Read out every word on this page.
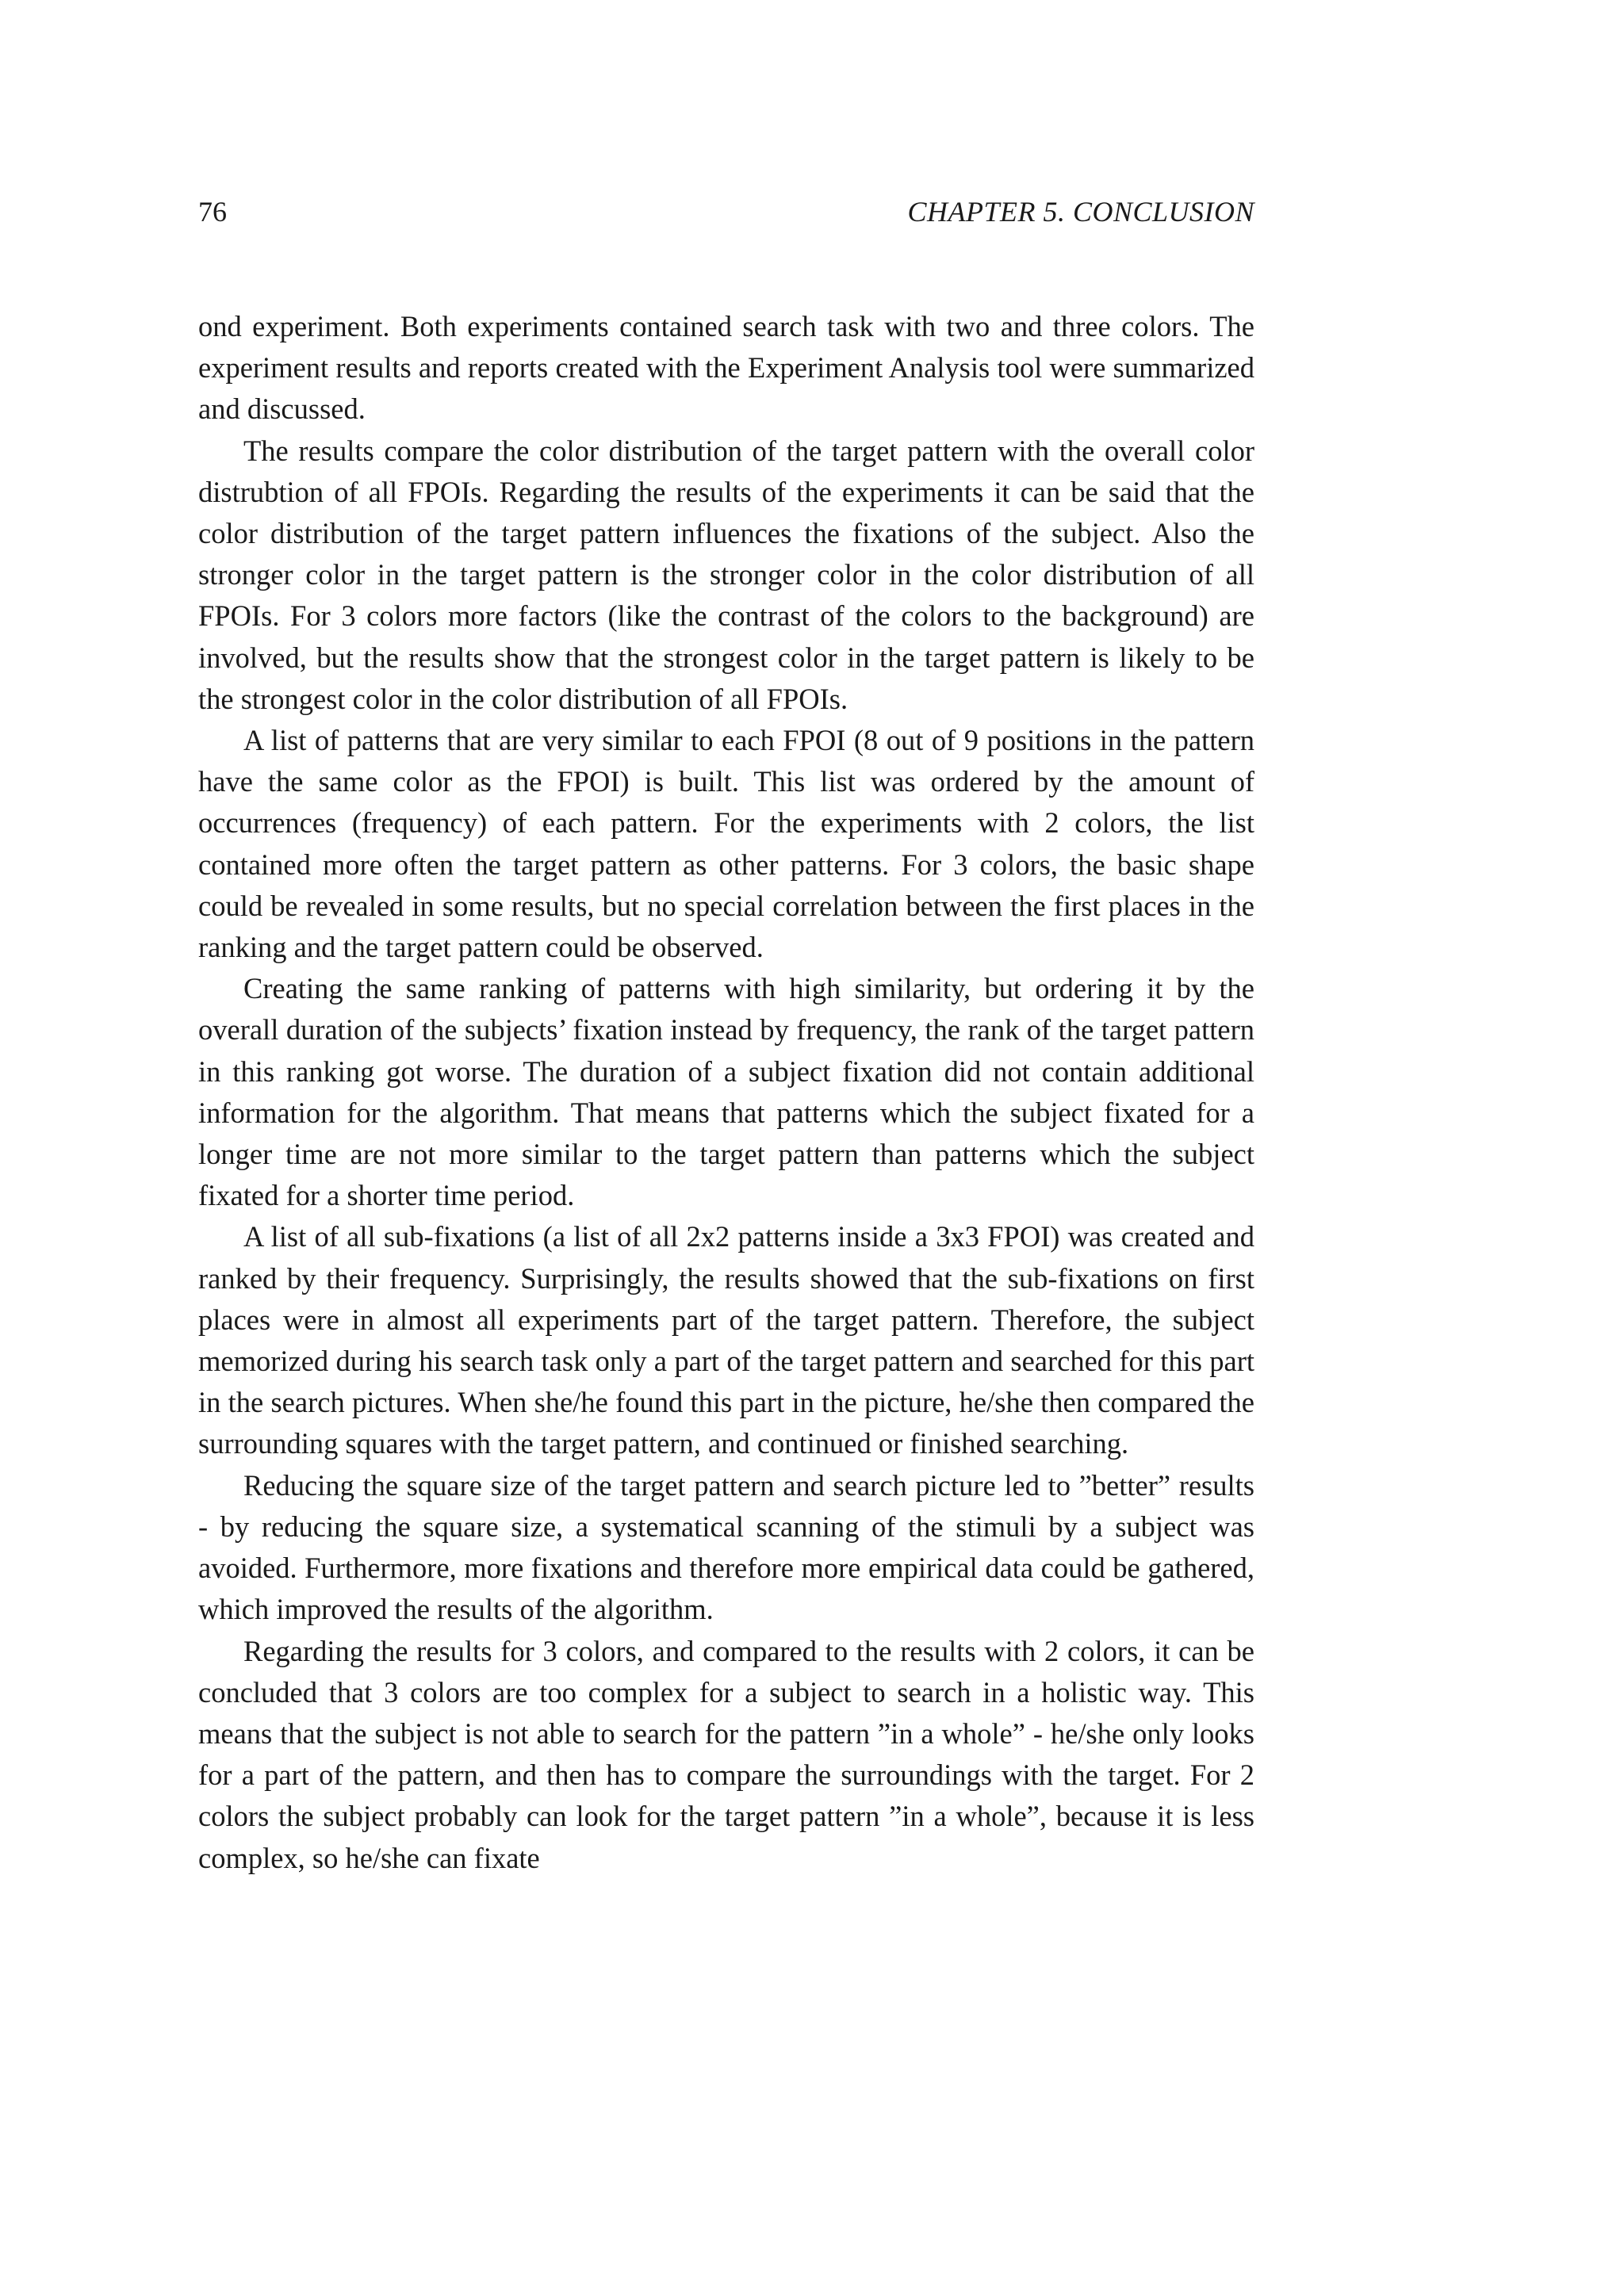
76	CHAPTER 5. CONCLUSION

ond experiment. Both experiments contained search task with two and three colors. The experiment results and reports created with the Experiment Analysis tool were summarized and discussed.

The results compare the color distribution of the target pattern with the overall color distrubtion of all FPOIs. Regarding the results of the experiments it can be said that the color distribution of the target pattern influences the fixations of the subject. Also the stronger color in the target pattern is the stronger color in the color distribution of all FPOIs. For 3 colors more factors (like the contrast of the colors to the background) are involved, but the results show that the strongest color in the target pattern is likely to be the strongest color in the color distribution of all FPOIs.

A list of patterns that are very similar to each FPOI (8 out of 9 positions in the pattern have the same color as the FPOI) is built. This list was ordered by the amount of occurrences (frequency) of each pattern. For the experiments with 2 colors, the list contained more often the target pattern as other patterns. For 3 colors, the basic shape could be revealed in some results, but no special correlation between the first places in the ranking and the target pattern could be observed.

Creating the same ranking of patterns with high similarity, but ordering it by the overall duration of the subjects’ fixation instead by frequency, the rank of the target pattern in this ranking got worse. The duration of a subject fixation did not contain additional information for the algorithm. That means that patterns which the subject fixated for a longer time are not more similar to the target pattern than patterns which the subject fixated for a shorter time period.

A list of all sub-fixations (a list of all 2x2 patterns inside a 3x3 FPOI) was created and ranked by their frequency. Surprisingly, the results showed that the sub-fixations on first places were in almost all experiments part of the target pattern. Therefore, the subject memorized during his search task only a part of the target pattern and searched for this part in the search pictures. When she/he found this part in the picture, he/she then compared the surrounding squares with the target pattern, and continued or finished searching.

Reducing the square size of the target pattern and search picture led to ”better” results - by reducing the square size, a systematical scanning of the stimuli by a subject was avoided. Furthermore, more fixations and therefore more empirical data could be gathered, which improved the results of the algorithm.

Regarding the results for 3 colors, and compared to the results with 2 colors, it can be concluded that 3 colors are too complex for a subject to search in a holistic way. This means that the subject is not able to search for the pattern ”in a whole” - he/she only looks for a part of the pattern, and then has to compare the surroundings with the target. For 2 colors the subject probably can look for the target pattern ”in a whole”, because it is less complex, so he/she can fixate
